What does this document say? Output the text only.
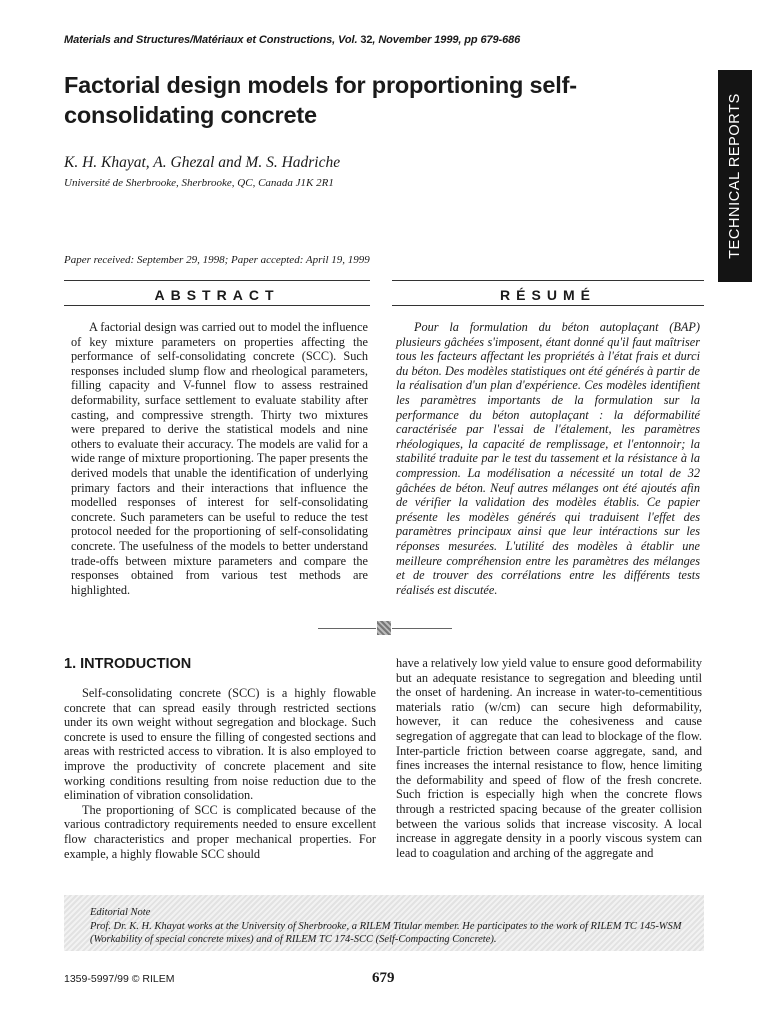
Materials and Structures/Matériaux et Constructions, Vol. 32, November 1999, pp 679-686
Factorial design models for proportioning self-consolidating concrete	TECHNICAL REPORTS
K. H. Khayat, A. Ghezal and M. S. Hadriche
Université de Sherbrooke, Sherbrooke, QC, Canada J1K 2R1
Paper received: September 29, 1998; Paper accepted: April 19, 1999
ABSTRACT	RÉSUMÉ

A factorial design was carried out to model the influence of key mixture parameters on properties affecting the performance of self-consolidating concrete (SCC). Such responses included slump flow and rheological parameters, filling capacity and V-funnel flow to assess restrained deformability, surface settlement to evaluate stability after casting, and compressive strength. Thirty two mixtures were prepared to derive the statistical models and nine others to evaluate their accuracy. The models are valid for a wide range of mixture proportioning. The paper presents the derived models that unable the identification of underlying primary factors and their interactions that influence the modelled responses of interest for self-consolidating concrete. Such parameters can be useful to reduce the test protocol needed for the proportioning of self-consolidating concrete. The usefulness of the models to better understand trade-offs between mixture parameters and compare the responses obtained from various test methods are highlighted.

Pour la formulation du béton autoplaçant (BAP) plusieurs gâchées s'imposent, étant donné qu'il faut maîtriser tous les facteurs affectant les propriétés à l'état frais et durci du béton. Des modèles statistiques ont été générés à partir de la réalisation d'un plan d'expérience. Ces modèles identifient les paramètres importants de la formulation sur la performance du béton autoplaçant : la déformabilité caractérisée par l'essai de l'étalement, les paramètres rhéologiques, la capacité de remplissage, et l'entonnoir; la stabilité traduite par le test du tassement et la résistance à la compression. La modélisation a nécessité un total de 32 gâchées de béton. Neuf autres mélanges ont été ajoutés afin de vérifier la validation des modèles établis. Ce papier présente les modèles générés qui traduisent l'effet des paramètres principaux ainsi que leur intéractions sur les réponses mesurées. L'utilité des modèles à établir une meilleure compréhension entre les paramètres des mélanges et de trouver des corrélations entre les différents tests réalisés est discutée.

1. INTRODUCTION

Self-consolidating concrete (SCC) is a highly flowable concrete that can spread easily through restricted sections under its own weight without segregation and blockage. Such concrete is used to ensure the filling of congested sections and areas with restricted access to vibration. It is also employed to improve the productivity of concrete placement and site working conditions resulting from noise reduction due to the elimination of vibration consolidation.

The proportioning of SCC is complicated because of the various contradictory requirements needed to ensure excellent flow characteristics and proper mechanical properties. For example, a highly flowable SCC should

have a relatively low yield value to ensure good deformability but an adequate resistance to segregation and bleeding until the onset of hardening. An increase in water-to-cementitious materials ratio (w/cm) can secure high deformability, however, it can reduce the cohesiveness and cause segregation of aggregate that can lead to blockage of the flow. Inter-particle friction between coarse aggregate, sand, and fines increases the internal resistance to flow, hence limiting the deformability and speed of flow of the fresh concrete. Such friction is especially high when the concrete flows through a restricted spacing because of the greater collision between the various solids that increase viscosity. A local increase in aggregate density in a poorly viscous system can lead to coagulation and arching of the aggregate and

Editorial Note
Prof. Dr. K. H. Khayat works at the University of Sherbrooke, a RILEM Titular member. He participates to the work of RILEM TC 145-WSM (Workability of special concrete mixes) and of RILEM TC 174-SCC (Self-Compacting Concrete).
1359-5997/99 © RILEM	679
